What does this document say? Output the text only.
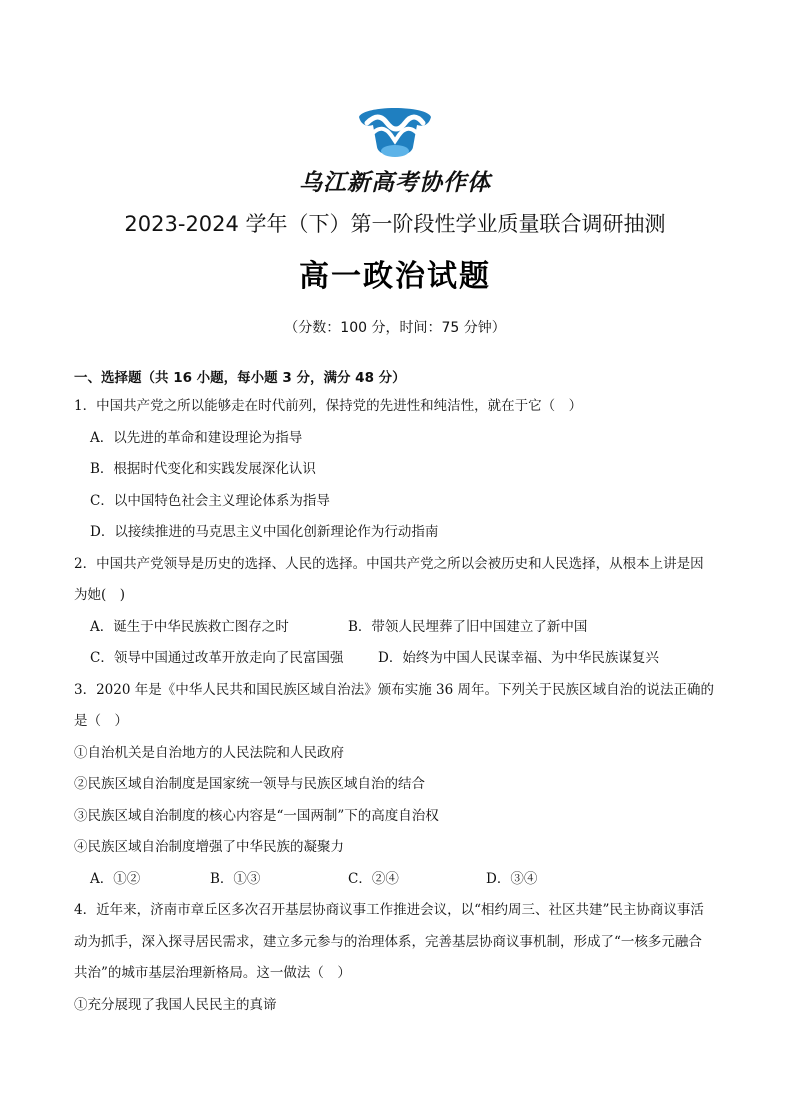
乌江新高考协作体
2023-2024 学年（下）第一阶段性学业质量联合调研抽测
高一政治试题
（分数：100 分，时间：75 分钟）
一、选择题（共 16 小题，每小题 3 分，满分 48 分）
1．中国共产党之所以能够走在时代前列，保持党的先进性和纯洁性，就在于它（　）
A．以先进的革命和建设理论为指导
B．根据时代变化和实践发展深化认识
C．以中国特色社会主义理论体系为指导
D．以接续推进的马克思主义中国化创新理论作为行动指南
2．中国共产党领导是历史的选择、人民的选择。中国共产党之所以会被历史和人民选择，从根本上讲是因
为她(　)
A．诞生于中华民族救亡图存之时	B．带领人民埋葬了旧中国建立了新中国
C．领导中国通过改革开放走向了民富国强	D．始终为中国人民谋幸福、为中华民族谋复兴
3．2020 年是《中华人民共和国民族区域自治法》颁布实施 36 周年。下列关于民族区域自治的说法正确的
是（　）
①自治机关是自治地方的人民法院和人民政府
②民族区域自治制度是国家统一领导与民族区域自治的结合
③民族区域自治制度的核心内容是“一国两制”下的高度自治权
④民族区域自治制度增强了中华民族的凝聚力
A．①②	B．①③	C．②④	D．③④
4．近年来，济南市章丘区多次召开基层协商议事工作推进会议，以“相约周三、社区共建”民主协商议事活
动为抓手，深入探寻居民需求，建立多元参与的治理体系，完善基层协商议事机制，形成了“一核多元融合
共治”的城市基层治理新格局。这一做法（　）
①充分展现了我国人民民主的真谛
